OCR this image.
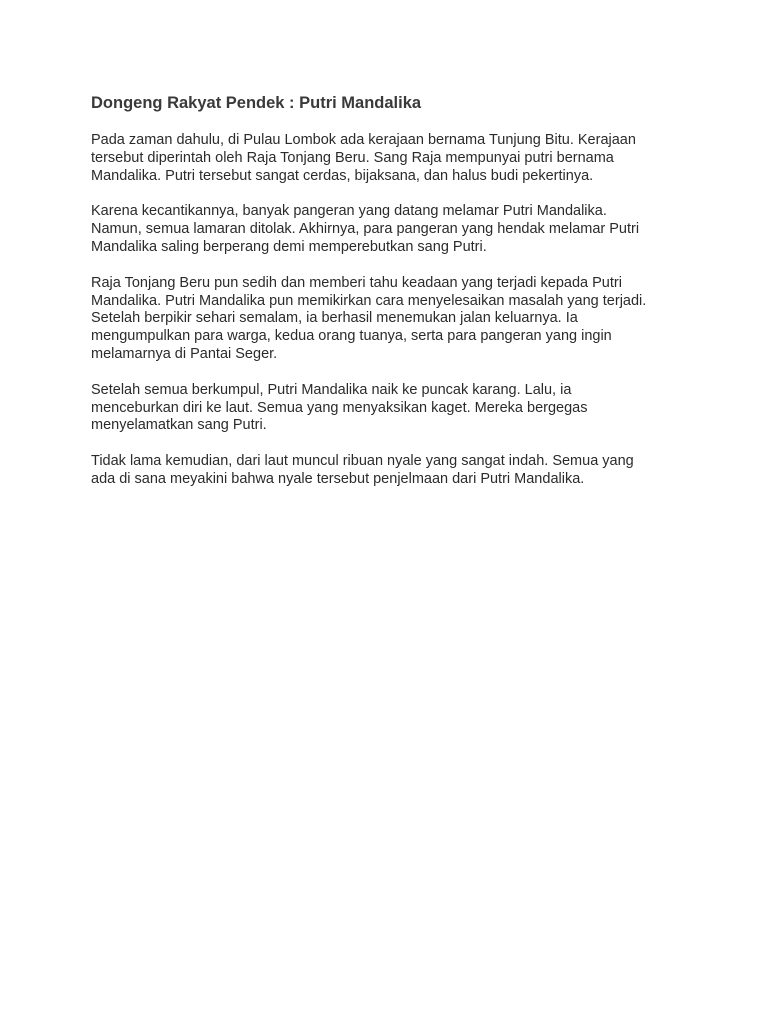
Dongeng Rakyat Pendek : Putri Mandalika

Pada zaman dahulu, di Pulau Lombok ada kerajaan bernama Tunjung Bitu. Kerajaan
tersebut diperintah oleh Raja Tonjang Beru. Sang Raja mempunyai putri bernama
Mandalika. Putri tersebut sangat cerdas, bijaksana, dan halus budi pekertinya.

Karena kecantikannya, banyak pangeran yang datang melamar Putri Mandalika.
Namun, semua lamaran ditolak. Akhirnya, para pangeran yang hendak melamar Putri
Mandalika saling berperang demi memperebutkan sang Putri.

Raja Tonjang Beru pun sedih dan memberi tahu keadaan yang terjadi kepada Putri
Mandalika. Putri Mandalika pun memikirkan cara menyelesaikan masalah yang terjadi.
Setelah berpikir sehari semalam, ia berhasil menemukan jalan keluarnya. Ia
mengumpulkan para warga, kedua orang tuanya, serta para pangeran yang ingin
melamarnya di Pantai Seger.

Setelah semua berkumpul, Putri Mandalika naik ke puncak karang. Lalu, ia
menceburkan diri ke laut. Semua yang menyaksikan kaget. Mereka bergegas
menyelamatkan sang Putri.

Tidak lama kemudian, dari laut muncul ribuan nyale yang sangat indah. Semua yang
ada di sana meyakini bahwa nyale tersebut penjelmaan dari Putri Mandalika.
